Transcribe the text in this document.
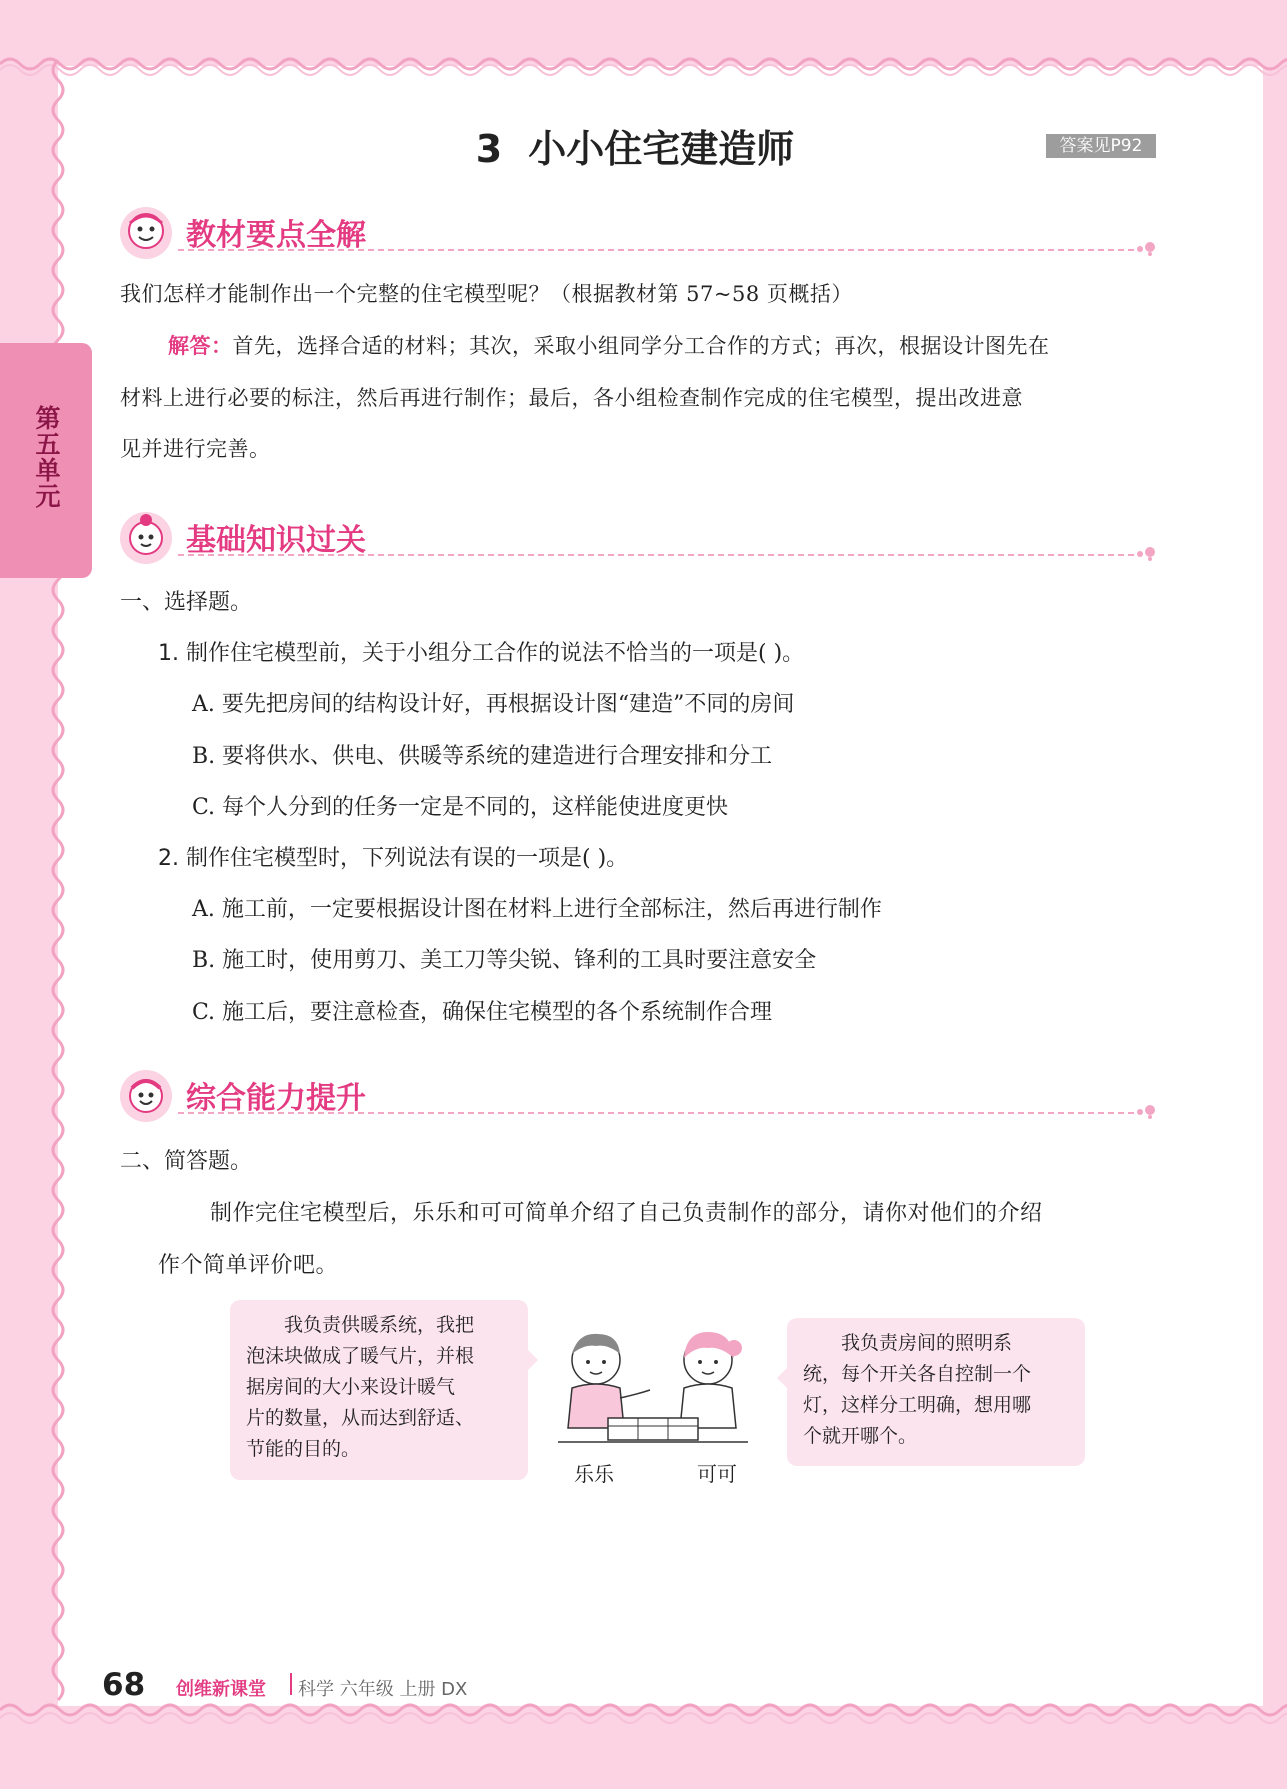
第五单元
3 小小住宅建造师	答案见P92
教材要点全解
我们怎样才能制作出一个完整的住宅模型呢？（根据教材第 57~58 页概括）
解答：首先，选择合适的材料；其次，采取小组同学分工合作的方式；再次，根据设计图先在
材料上进行必要的标注，然后再进行制作；最后，各小组检查制作完成的住宅模型，提出改进意
见并进行完善。
基础知识过关
一、选择题。
1. 制作住宅模型前，关于小组分工合作的说法不恰当的一项是( )。
A. 要先把房间的结构设计好，再根据设计图“建造”不同的房间
B. 要将供水、供电、供暖等系统的建造进行合理安排和分工
C. 每个人分到的任务一定是不同的，这样能使进度更快
2. 制作住宅模型时，下列说法有误的一项是( )。
A. 施工前，一定要根据设计图在材料上进行全部标注，然后再进行制作
B. 施工时，使用剪刀、美工刀等尖锐、锋利的工具时要注意安全
C. 施工后，要注意检查，确保住宅模型的各个系统制作合理
综合能力提升
二、简答题。
制作完住宅模型后，乐乐和可可简单介绍了自己负责制作的部分，请你对他们的介绍
作个简单评价吧。
我负责供暖系统，我把
泡沫块做成了暖气片，并根
据房间的大小来设计暖气
片的数量，从而达到舒适、
节能的目的。
乐乐	可可
我负责房间的照明系
统，每个开关各自控制一个
灯，这样分工明确，想用哪
个就开哪个。
68 创维新课堂 科学 六年级 上册 DX
